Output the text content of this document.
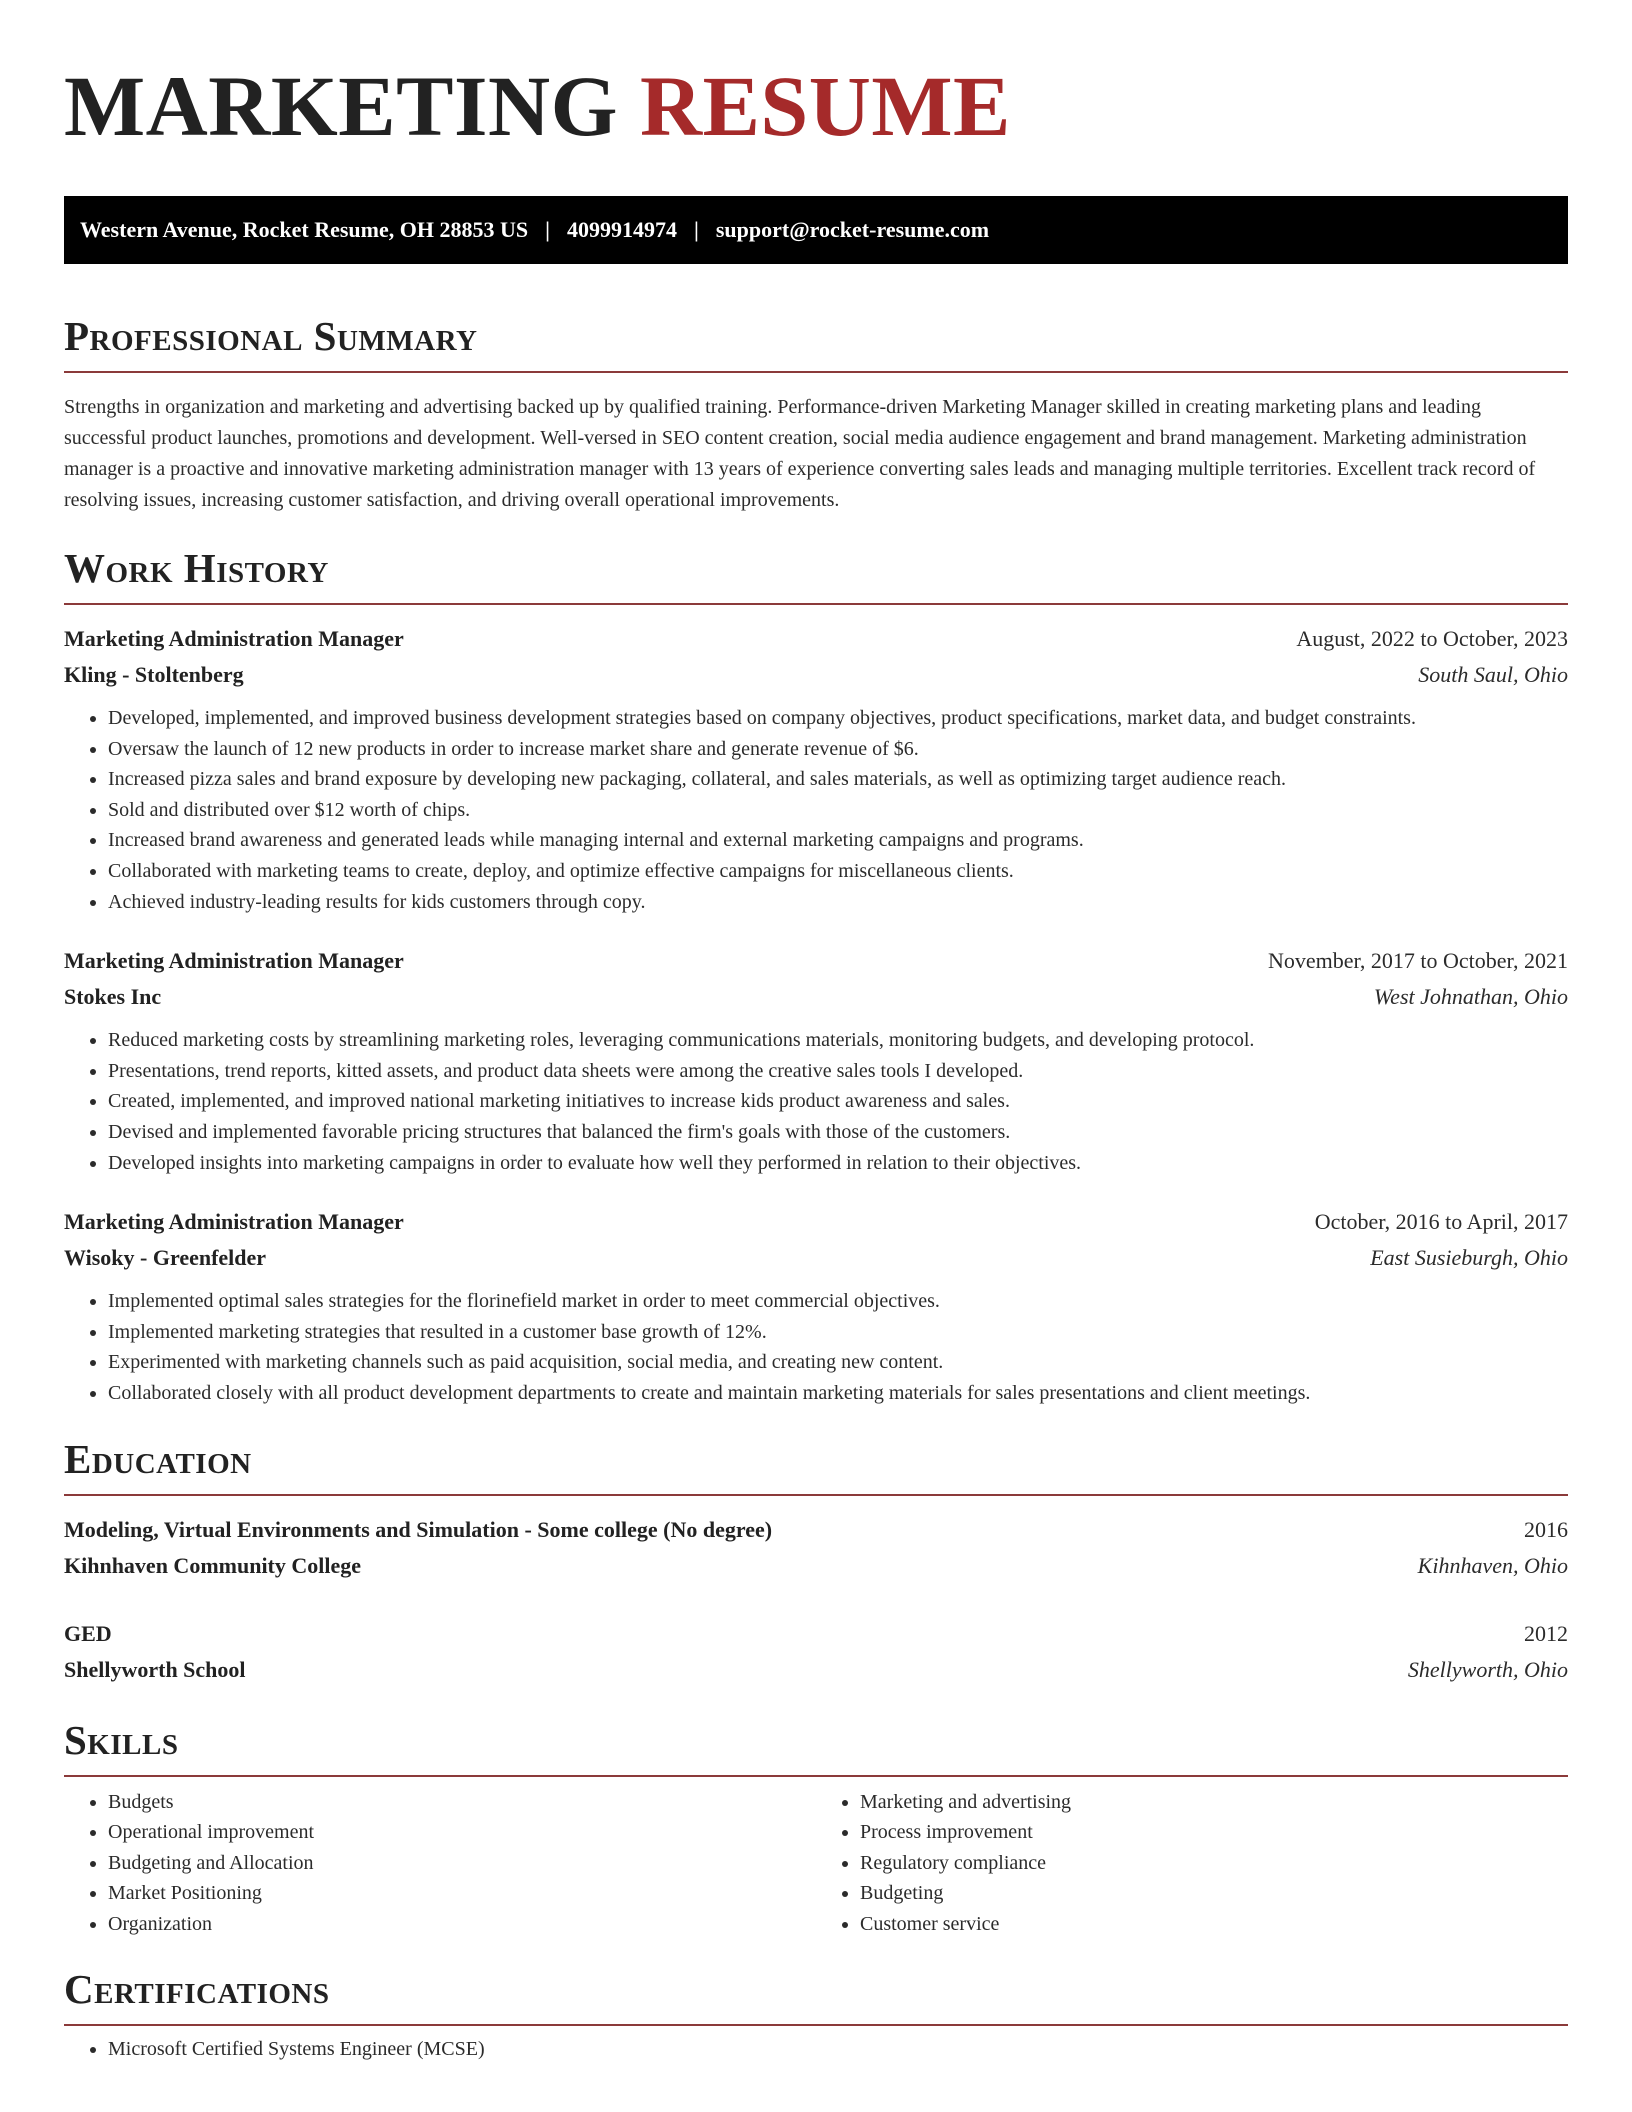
MARKETING RESUME
Western Avenue, Rocket Resume, OH 28853 US | 4099914974 | support@rocket-resume.com
Professional Summary
Strengths in organization and marketing and advertising backed up by qualified training. Performance-driven Marketing Manager skilled in creating marketing plans and leading successful product launches, promotions and development. Well-versed in SEO content creation, social media audience engagement and brand management. Marketing administration manager is a proactive and innovative marketing administration manager with 13 years of experience converting sales leads and managing multiple territories. Excellent track record of resolving issues, increasing customer satisfaction, and driving overall operational improvements.
Work History
Marketing Administration Manager	August, 2022 to October, 2023
Kling - Stoltenberg	South Saul, Ohio
• Developed, implemented, and improved business development strategies based on company objectives, product specifications, market data, and budget constraints.
• Oversaw the launch of 12 new products in order to increase market share and generate revenue of $6.
• Increased pizza sales and brand exposure by developing new packaging, collateral, and sales materials, as well as optimizing target audience reach.
• Sold and distributed over $12 worth of chips.
• Increased brand awareness and generated leads while managing internal and external marketing campaigns and programs.
• Collaborated with marketing teams to create, deploy, and optimize effective campaigns for miscellaneous clients.
• Achieved industry-leading results for kids customers through copy.
Marketing Administration Manager	November, 2017 to October, 2021
Stokes Inc	West Johnathan, Ohio
• Reduced marketing costs by streamlining marketing roles, leveraging communications materials, monitoring budgets, and developing protocol.
• Presentations, trend reports, kitted assets, and product data sheets were among the creative sales tools I developed.
• Created, implemented, and improved national marketing initiatives to increase kids product awareness and sales.
• Devised and implemented favorable pricing structures that balanced the firm's goals with those of the customers.
• Developed insights into marketing campaigns in order to evaluate how well they performed in relation to their objectives.
Marketing Administration Manager	October, 2016 to April, 2017
Wisoky - Greenfelder	East Susieburgh, Ohio
• Implemented optimal sales strategies for the florinefield market in order to meet commercial objectives.
• Implemented marketing strategies that resulted in a customer base growth of 12%.
• Experimented with marketing channels such as paid acquisition, social media, and creating new content.
• Collaborated closely with all product development departments to create and maintain marketing materials for sales presentations and client meetings.
Education
Modeling, Virtual Environments and Simulation - Some college (No degree)	2016
Kihnhaven Community College	Kihnhaven, Ohio
GED	2012
Shellyworth School	Shellyworth, Ohio
Skills
• Budgets
• Operational improvement
• Budgeting and Allocation
• Market Positioning
• Organization
• Marketing and advertising
• Process improvement
• Regulatory compliance
• Budgeting
• Customer service
Certifications
• Microsoft Certified Systems Engineer (MCSE)
